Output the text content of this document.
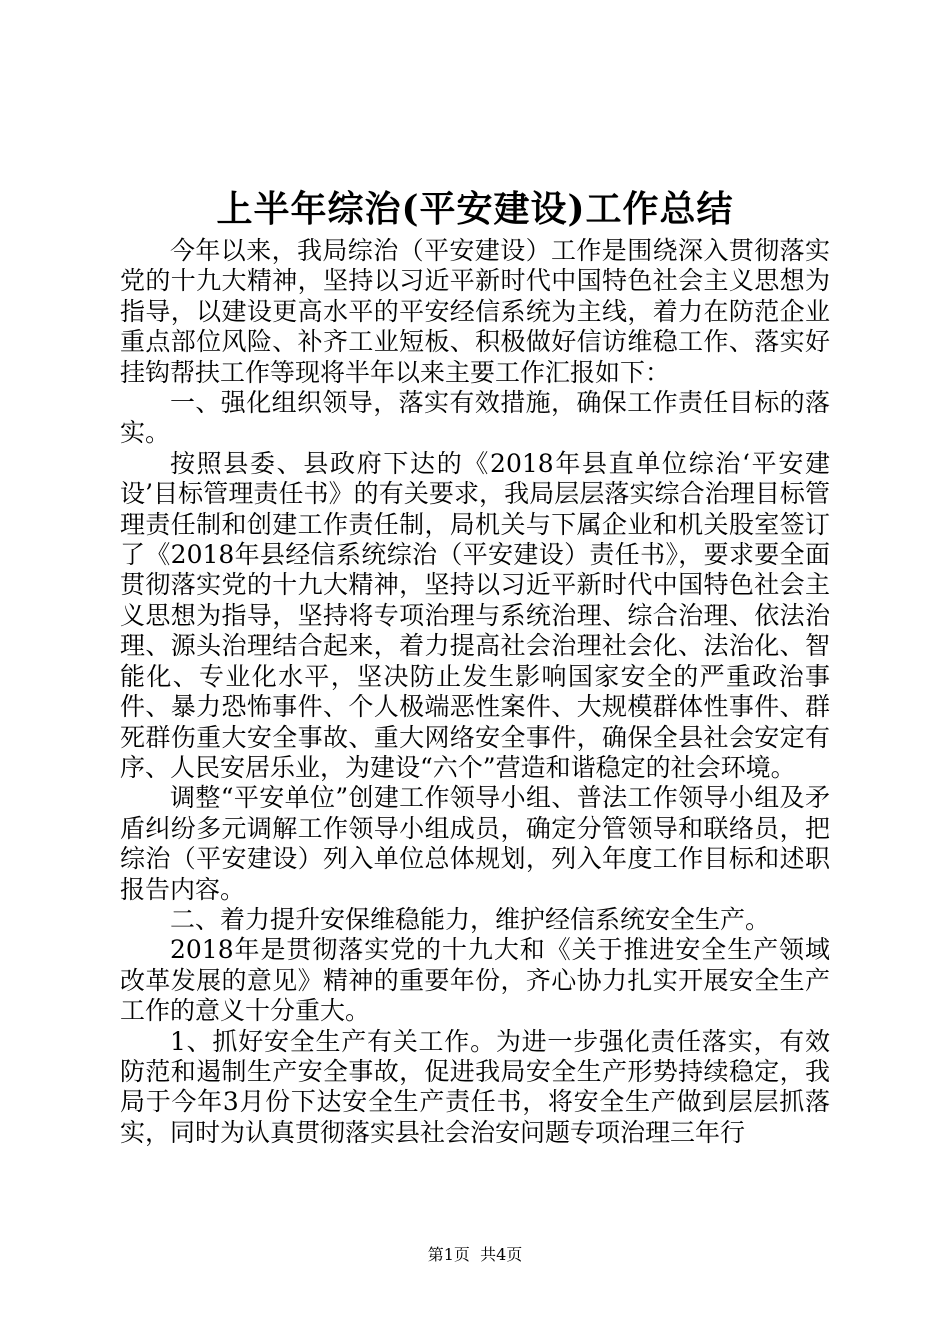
上半年综治(平安建设)工作总结

今年以来，我局综治（平安建设）工作是围绕深入贯彻落实党的十九大精神，坚持以习近平新时代中国特色社会主义思想为指导，以建设更高水平的平安经信系统为主线，着力在防范企业重点部位风险、补齐工业短板、积极做好信访维稳工作、落实好挂钩帮扶工作等现将半年以来主要工作汇报如下：

一、强化组织领导，落实有效措施，确保工作责任目标的落实。

按照县委、县政府下达的《2018年县直单位综治‘平安建设’目标管理责任书》的有关要求，我局层层落实综合治理目标管理责任制和创建工作责任制，局机关与下属企业和机关股室签订了《2018年县经信系统综治（平安建设）责任书》，要求要全面贯彻落实党的十九大精神，坚持以习近平新时代中国特色社会主义思想为指导，坚持将专项治理与系统治理、综合治理、依法治理、源头治理结合起来，着力提高社会治理社会化、法治化、智能化、专业化水平，坚决防止发生影响国家安全的严重政治事件、暴力恐怖事件、个人极端恶性案件、大规模群体性事件、群死群伤重大安全事故、重大网络安全事件，确保全县社会安定有序、人民安居乐业，为建设“六个”营造和谐稳定的社会环境。

调整“平安单位”创建工作领导小组、普法工作领导小组及矛盾纠纷多元调解工作领导小组成员，确定分管领导和联络员，把综治（平安建设）列入单位总体规划，列入年度工作目标和述职报告内容。

二、着力提升安保维稳能力，维护经信系统安全生产。

2018年是贯彻落实党的十九大和《关于推进安全生产领域改革发展的意见》精神的重要年份，齐心协力扎实开展安全生产工作的意义十分重大。

1、抓好安全生产有关工作。为进一步强化责任落实，有效防范和遏制生产安全事故，促进我局安全生产形势持续稳定，我局于今年3月份下达安全生产责任书，将安全生产做到层层抓落实，同时为认真贯彻落实县社会治安问题专项治理三年行

第1页 共4页
